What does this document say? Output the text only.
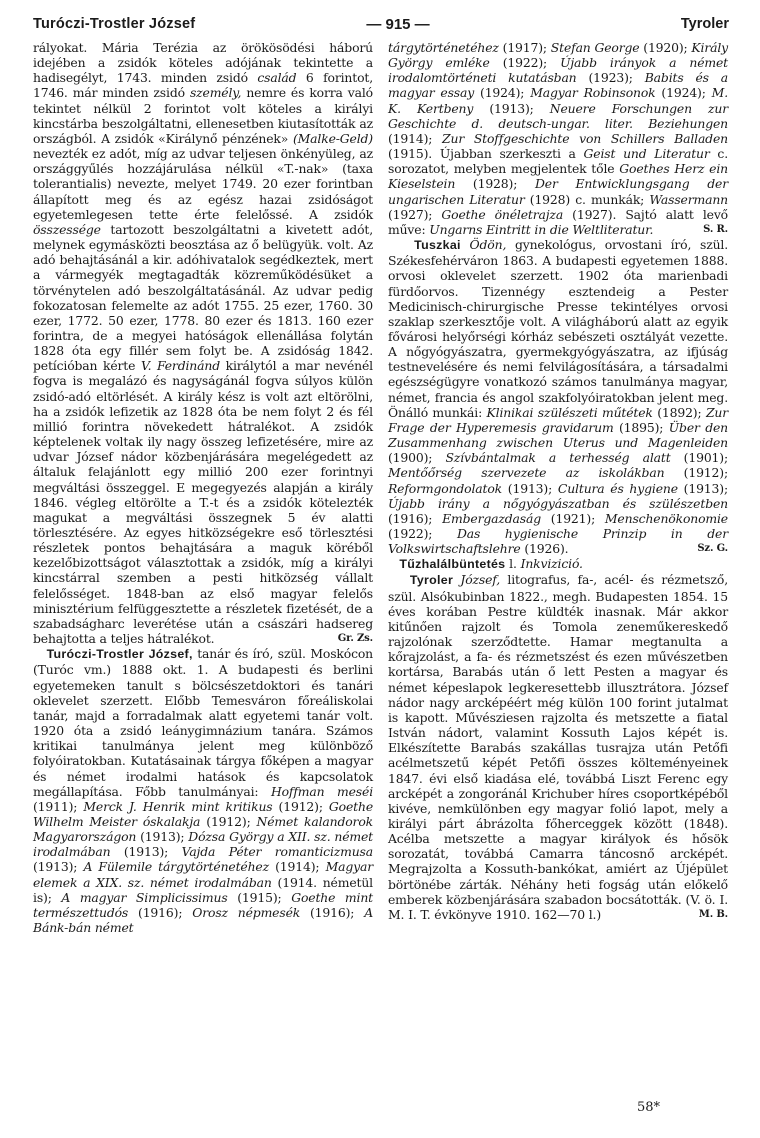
Turóczi-Trostler József	— 915 —	Tyroler

rályokat. Mária Terézia az örökösödési háború idejében a zsidók köteles adójának tekintette a hadisegélyt, 1743. minden zsidó család 6 forintot, 1746. már minden zsidó személy, nemre és korra való tekintet nélkül 2 forintot volt köteles a királyi kincstárba beszolgáltatni, ellenesetben kiutasították az országból. A zsidók «Királynő pénzének» (Malke-Geld) nevezték ez adót, míg az udvar teljesen önkényüleg, az országgyűlés hozzájárulása nélkül «T.-nak» (taxa tolerantialis) nevezte, melyet 1749. 20 ezer forintban állapított meg és az egész hazai zsidóságot egyetemlegesen tette érte felelőssé. A zsidók összessége tartozott beszolgáltatni a kivetett adót, melynek egymásközti beosztása az ő belügyük. volt. Az adó behajtásánál a kir. adóhivatalok segédkeztek, mert a vármegyék megtagadták közreműködésüket a törvénytelen adó beszolgáltatásánál. Az udvar pedig fokozatosan felemelte az adót 1755. 25 ezer, 1760. 30 ezer, 1772. 50 ezer, 1778. 80 ezer és 1813. 160 ezer forintra, de a megyei hatóságok ellenállása folytán 1828 óta egy fillér sem folyt be. A zsidóság 1842. petícióban kérte V. Ferdinánd királytól a mar nevénél fogva is megalázó és nagyságánál fogva súlyos külön zsidó-adó eltörlését. A király kész is volt azt eltörölni, ha a zsidók lefizetik az 1828 óta be nem folyt 2 és fél millió forintra növekedett hátralékot. A zsidók képtelenek voltak ily nagy összeg lefizetésére, mire az udvar József nádor közbenjárására megelégedett az általuk felajánlott egy millió 200 ezer forintnyi megváltási összeggel. E megegyezés alapján a király 1846. végleg eltörölte a T.-t és a zsidók kötelezték magukat a megváltási összegnek 5 év alatti törlesztésére. Az egyes hitközségekre eső törlesztési részletek pontos behajtására a maguk köréből kezelőbizottságot választottak a zsidók, míg a királyi kincstárral szemben a pesti hitközség vállalt felelősséget. 1848-ban az első magyar felelős minisztérium felfüggesztette a részletek fizetését, de a szabadságharc leverétése után a császári hadsereg behajtotta a teljes hátralékot.	Gr. Zs.

Turóczi-Trostler József, tanár és író, szül. Moskócon (Turóc vm.) 1888 okt. 1. A budapesti és berlini egyetemeken tanult s bölcsészetdoktori és tanári oklevelet szerzett. Előbb Temesváron főreáliskolai tanár, majd a forradalmak alatt egyetemi tanár volt. 1920 óta a zsidó leánygimnázium tanára. Számos kritikai tanulmánya jelent meg különböző folyóiratokban. Kutatásainak tárgya főképen a magyar és német irodalmi hatások és kapcsolatok megállapítása. Főbb tanulmányai: Hoffman meséi (1911); Merck J. Henrik mint kritikus (1912); Goethe Wilhelm Meister óskalakja (1912); Német kalandorok Magyarországon (1913); Dózsa György a XII. sz. német irodalmában (1913); Vajda Péter romanticizmusa (1913); A Fülemile tárgytörténetéhez (1914); Magyar elemek a XIX. sz. német irodalmában (1914. németül is); A magyar Simplicissimus (1915); Goethe mint természettudós (1916); Orosz népmesék (1916); A Bánk-bán német

tárgytörténetéhez (1917); Stefan George (1920); Király György emléke (1922); Újabb irányok a német irodalomtörténeti kutatásban (1923); Babits és a magyar essay (1924); Magyar Robinsonok (1924); M. K. Kertbeny (1913); Neuere Forschungen zur Geschichte d. deutsch-ungar. liter. Beziehungen (1914); Zur Stoffgeschichte von Schillers Balladen (1915). Újabban szerkeszti a Geist und Literatur c. sorozatot, melyben megjelentek tőle Goethes Herz ein Kieselstein (1928); Der Entwicklungsgang der ungarischen Literatur (1928) c. munkák; Wassermann (1927); Goethe önéletrajza (1927). Sajtó alatt levő műve: Ungarns Eintritt in die Weltliteratur.	S. R.

Tuszkai Ödön, gynekológus, orvostani író, szül. Székesfehérváron 1863. A budapesti egyetemen 1888. orvosi oklevelet szerzett. 1902 óta marienbadi fürdőorvos. Tizennégy esztendeig a Pester Medicinisch-chirurgische Presse tekintélyes orvosi szaklap szerkesztője volt. A világháború alatt az egyik fővárosi helyőrségi kórház sebészeti osztályát vezette. A nőgyógyászatra, gyermekgyógyászatra, az ifjúság testnevelésére és nemi felvilágosítására, a társadalmi egészségügyre vonatkozó számos tanulmánya magyar, német, francia és angol szakfolyóiratokban jelent meg. Önálló munkái: Klinikai szülészeti műtétek (1892); Zur Frage der Hyperemesis gravidarum (1895); Über den Zusammenhang zwischen Uterus und Magenleiden (1900); Szívbántalmak a terhesség alatt (1901); Mentőőrség szervezete az iskolákban (1912); Reformgondolatok (1913); Cultura és hygiene (1913); Újabb irány a nőgyógyászatban és szülészetben (1916); Embergazdaság (1921); Menschenökonomie (1922); Das hygienische Prinzip in der Volkswirtschaftslehre (1926).	Sz. G.

Tűzhalálbüntetés l. Inkvizició.

Tyroler József, litografus, fa-, acél- és rézmetsző, szül. Alsókubinban 1822., megh. Budapesten 1854. 15 éves korában Pestre küldték inasnak. Már akkor kitűnően rajzolt és Tomola zeneműkereskedő rajzolónak szerződtette. Hamar megtanulta a kőrajzolást, a fa- és rézmetszést és ezen művészetben kortársa, Barabás után ő lett Pesten a magyar és német képeslapok legkeresettebb illusztrátora. József nádor nagy arcképéért még külön 100 forint jutalmat is kapott. Művésziesen rajzolta és metszette a fiatal István nádort, valamint Kossuth Lajos képét is. Elkészítette Barabás szakállas tusrajza után Petőfi acélmetszetű képét Petőfi összes költeményeinek 1847. évi első kiadása elé, továbbá Liszt Ferenc egy arcképét a zongoránál Krichuber híres csoportképéből kivéve, nemkülönben egy magyar folió lapot, mely a királyi párt ábrázolta főherceggek között (1848). Acélba metszette a magyar királyok és hősök sorozatát, továbbá Camarra táncosnő arcképét. Megrajzolta a Kossuth-bankókat, amiért az Újépület börtönébe zárták. Néhány heti fogság után előkelő emberek közbenjárására szabadon bocsátották. (V. ö. I. M. I. T. évkönyve 1910. 162—70 l.)	M. B.

58*
